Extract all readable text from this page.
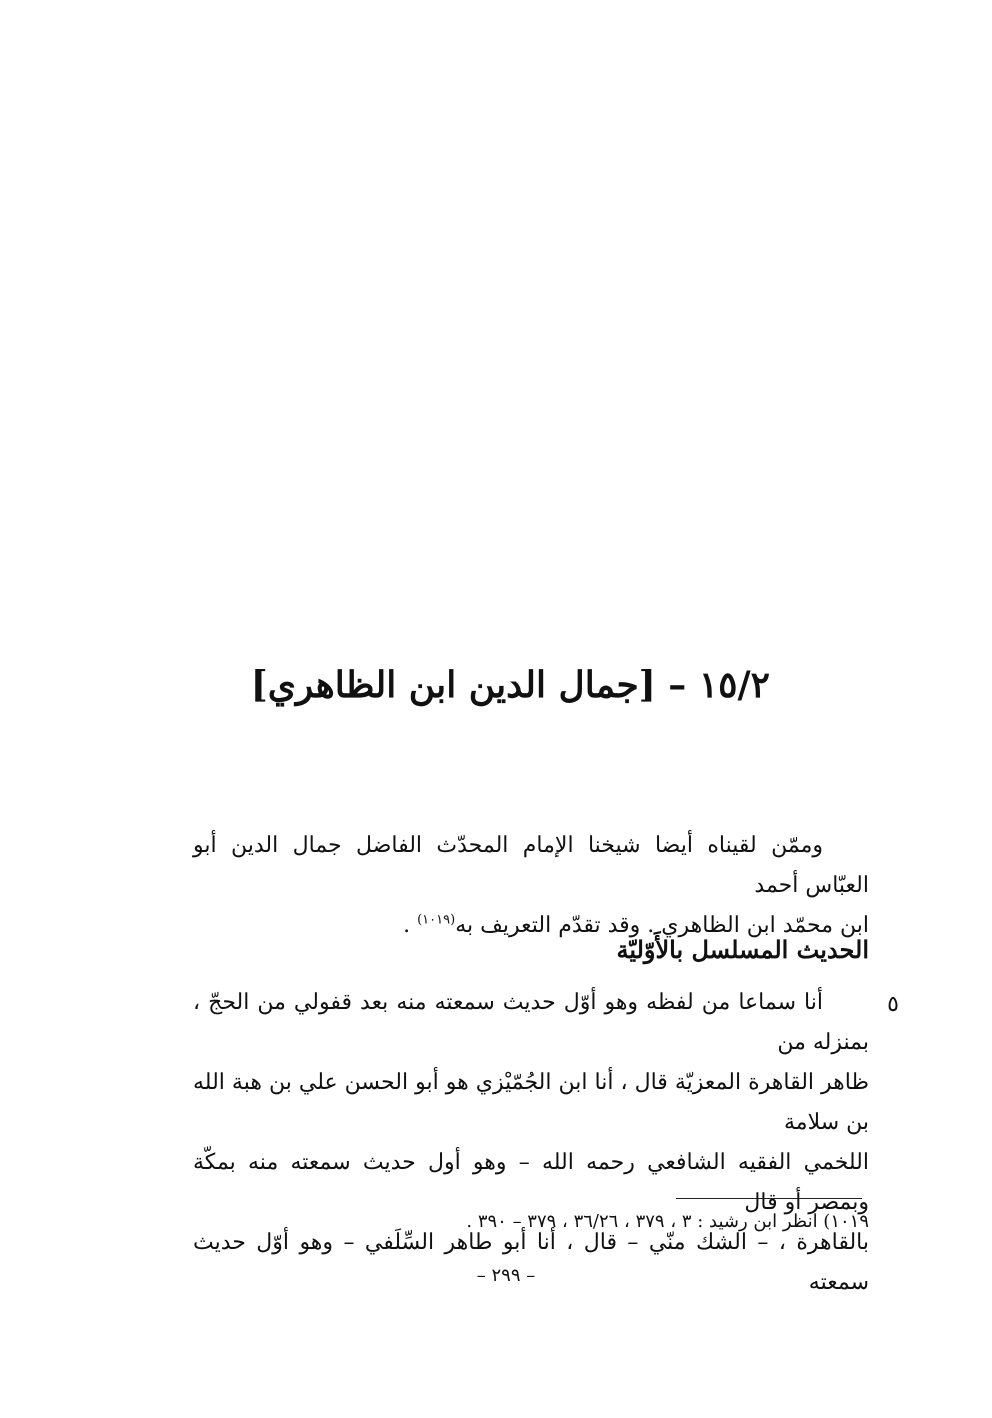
١٥/٢ – [جمال الدين ابن الظاهري]

وممّن لقيناه أيضا شيخنا الإمام المحدّث الفاضل جمال الدين أبو العبّاس أحمد

ابن محمّد ابن الظاهري . وقد تقدّم التعريف به$^{(١٠١٩)}$ .

الحديث المسلسل بالأَوّليّة
٥

أنا سماعا من لفظه وهو أوّل حديث سمعته منه بعد قفولي من الحجّ ، بمنزله من

ظاهر القاهرة المعزيّة قال ، أنا ابن الجُمّيْزي هو أبو الحسن علي بن هبة الله بن سلامة

اللخمي الفقيه الشافعي رحمه الله – وهو أول حديث سمعته منه بمكّة وبمصر أو قال

بالقاهرة ، – الشك منّي – قال ، أنا أبو طاهر السِّلَفي – وهو أوّل حديث سمعته

١٠١٩) انظر ابن رشيد : ٣ ، ٣٧٩ ، ٣٦/٢٦ ، ٣٧٩ – ٣٩٠ .
– ٢٩٩ –
